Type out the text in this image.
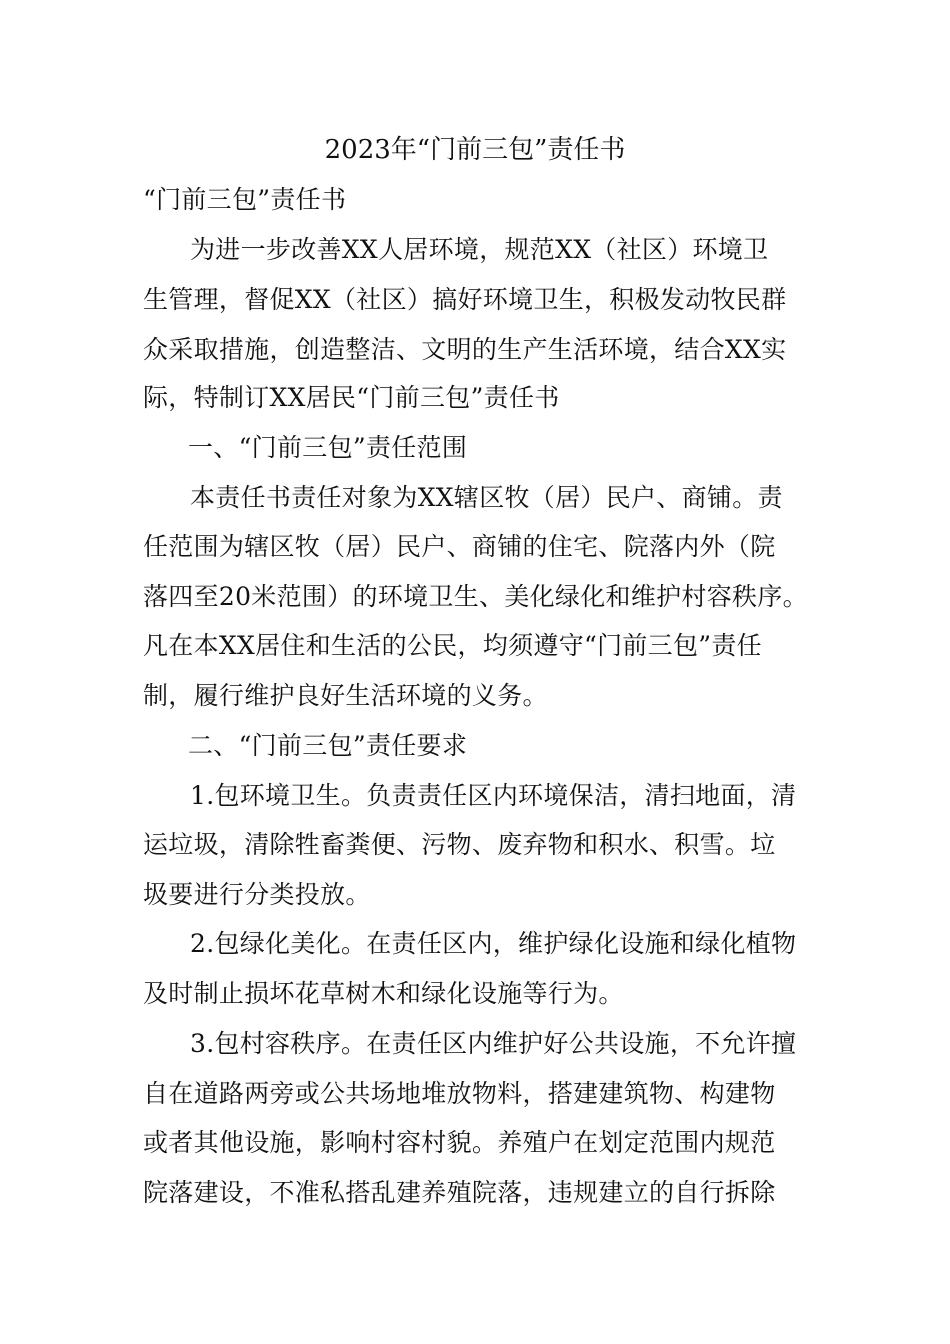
2023年“门前三包”责任书
“门前三包”责任书
为进一步改善XX人居环境，规范XX（社区）环境卫
生管理，督促XX（社区）搞好环境卫生，积极发动牧民群
众采取措施，创造整洁、文明的生产生活环境，结合XX实
际，特制订XX居民“门前三包”责任书
一、“门前三包”责任范围
本责任书责任对象为XX辖区牧（居）民户、商铺。责
任范围为辖区牧（居）民户、商铺的住宅、院落内外（院
落四至20米范围）的环境卫生、美化绿化和维护村容秩序。
凡在本XX居住和生活的公民，均须遵守“门前三包”责任
制，履行维护良好生活环境的义务。
二、“门前三包”责任要求
1.包环境卫生。负责责任区内环境保洁，清扫地面，清
运垃圾，清除牲畜粪便、污物、废弃物和积水、积雪。垃
圾要进行分类投放。
2.包绿化美化。在责任区内，维护绿化设施和绿化植物
及时制止损坏花草树木和绿化设施等行为。
3.包村容秩序。在责任区内维护好公共设施，不允许擅
自在道路两旁或公共场地堆放物料，搭建建筑物、构建物
或者其他设施，影响村容村貌。养殖户在划定范围内规范
院落建设，不准私搭乱建养殖院落，违规建立的自行拆除
